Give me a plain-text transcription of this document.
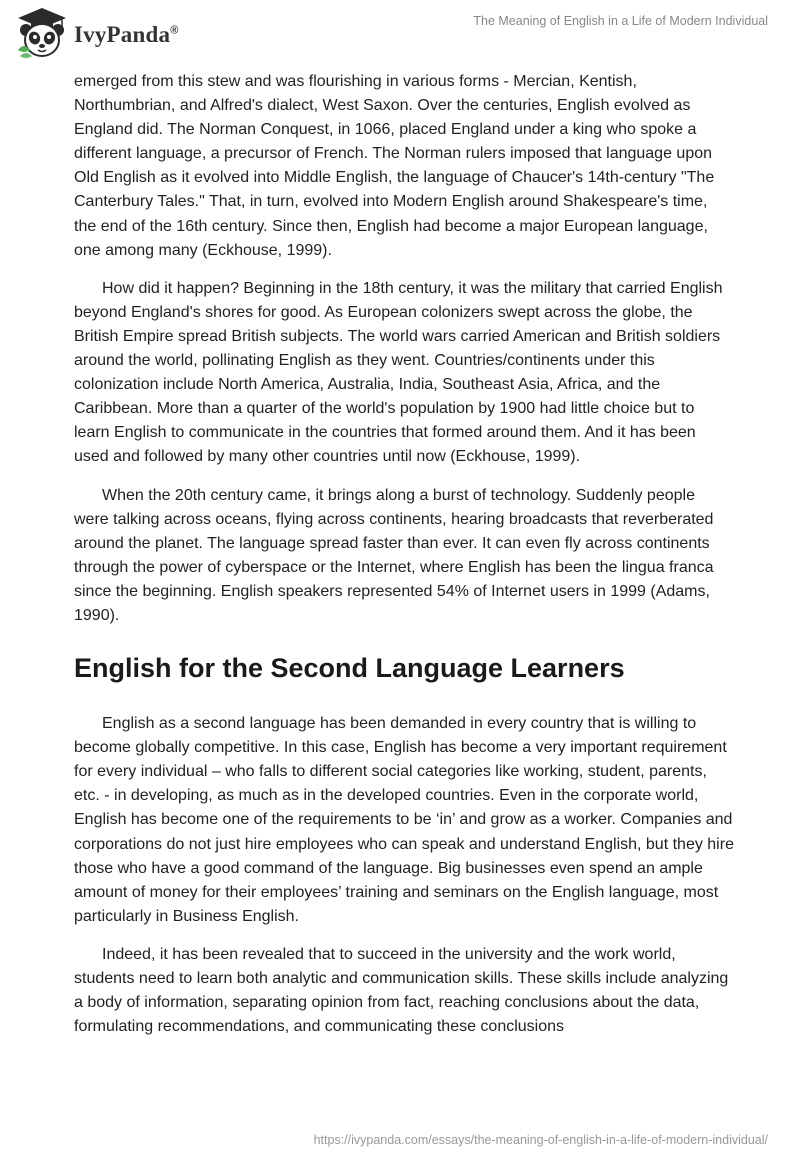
IvyPanda®
The Meaning of English in a Life of Modern Individual

emerged from this stew and was flourishing in various forms - Mercian, Kentish, Northumbrian, and Alfred's dialect, West Saxon. Over the centuries, English evolved as England did. The Norman Conquest, in 1066, placed England under a king who spoke a different language, a precursor of French. The Norman rulers imposed that language upon Old English as it evolved into Middle English, the language of Chaucer's 14th-century "The Canterbury Tales." That, in turn, evolved into Modern English around Shakespeare's time, the end of the 16th century. Since then, English had become a major European language, one among many (Eckhouse, 1999).

How did it happen? Beginning in the 18th century, it was the military that carried English beyond England's shores for good. As European colonizers swept across the globe, the British Empire spread British subjects. The world wars carried American and British soldiers around the world, pollinating English as they went. Countries/continents under this colonization include North America, Australia, India, Southeast Asia, Africa, and the Caribbean. More than a quarter of the world's population by 1900 had little choice but to learn English to communicate in the countries that formed around them. And it has been used and followed by many other countries until now (Eckhouse, 1999).

When the 20th century came, it brings along a burst of technology. Suddenly people were talking across oceans, flying across continents, hearing broadcasts that reverberated around the planet. The language spread faster than ever. It can even fly across continents through the power of cyberspace or the Internet, where English has been the lingua franca since the beginning. English speakers represented 54% of Internet users in 1999 (Adams, 1990).

English for the Second Language Learners

English as a second language has been demanded in every country that is willing to become globally competitive. In this case, English has become a very important requirement for every individual – who falls to different social categories like working, student, parents, etc. - in developing, as much as in the developed countries. Even in the corporate world, English has become one of the requirements to be ‘in’ and grow as a worker. Companies and corporations do not just hire employees who can speak and understand English, but they hire those who have a good command of the language. Big businesses even spend an ample amount of money for their employees’ training and seminars on the English language, most particularly in Business English.

Indeed, it has been revealed that to succeed in the university and the work world, students need to learn both analytic and communication skills. These skills include analyzing a body of information, separating opinion from fact, reaching conclusions about the data, formulating recommendations, and communicating these conclusions

https://ivypanda.com/essays/the-meaning-of-english-in-a-life-of-modern-individual/
